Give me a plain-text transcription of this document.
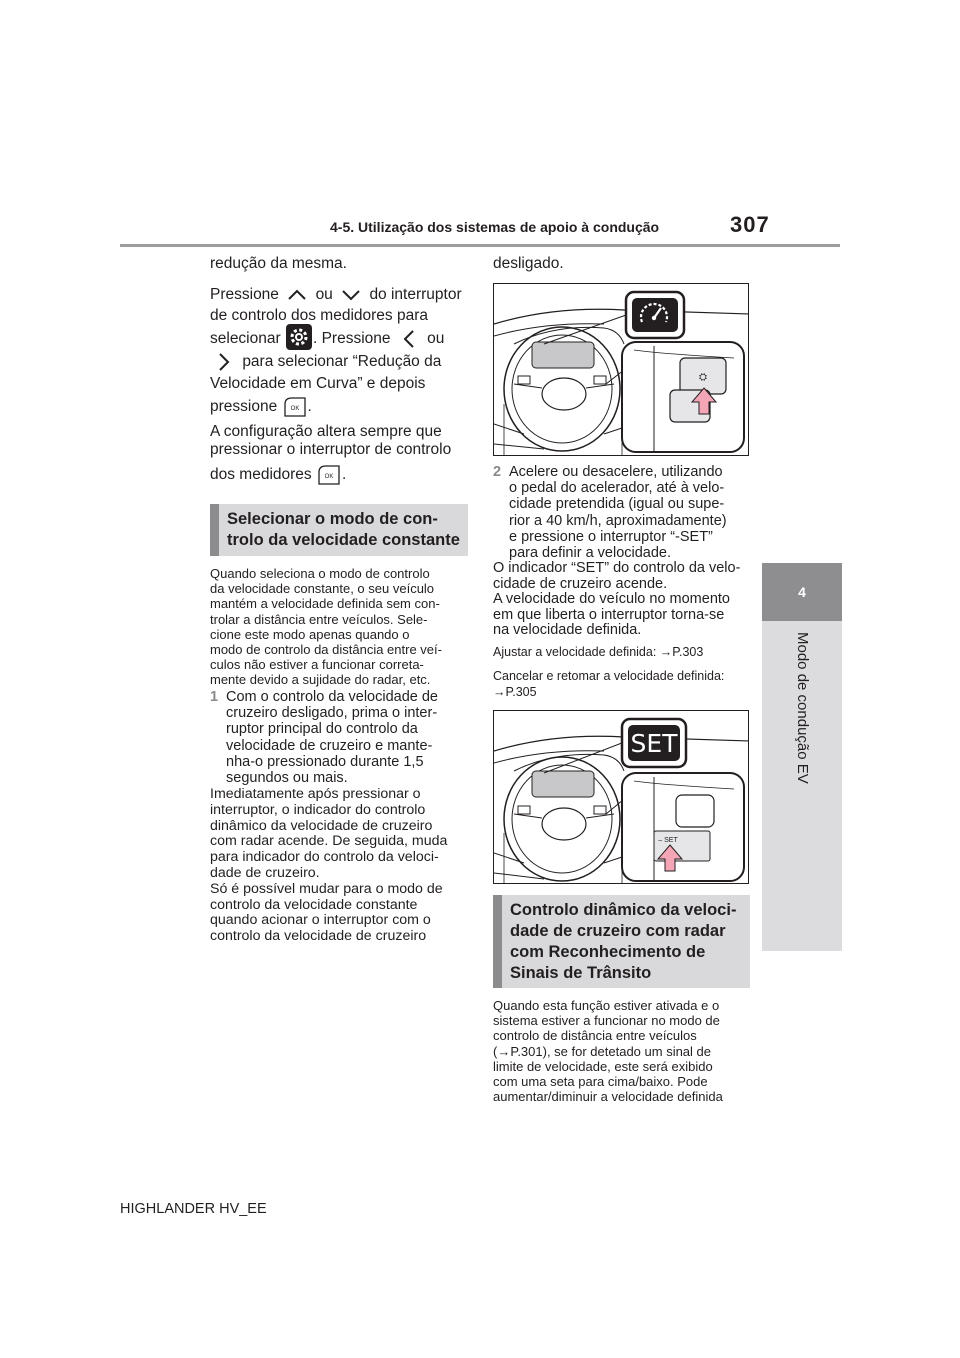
4-5. Utilização dos sistemas de apoio à condução	307
4
Modo de condução EV
redução da mesma.
Pressione ou do interruptor
de controlo dos medidores para
selecionar . Pressione ou
para selecionar “Redução da
Velocidade em Curva” e depois
pressione OK .
A configuração altera sempre que
pressionar o interruptor de controlo
dos medidores OK .
Selecionar o modo de con-
trolo da velocidade constante
Quando seleciona o modo de controlo
da velocidade constante, o seu veículo
mantém a velocidade definida sem con-
trolar a distância entre veículos. Sele-
cione este modo apenas quando o
modo de controlo da distância entre veí-
culos não estiver a funcionar correta-
mente devido a sujidade do radar, etc.
1 Com o controlo da velocidade de
cruzeiro desligado, prima o inter-
ruptor principal do controlo da
velocidade de cruzeiro e mante-
nha-o pressionado durante 1,5
segundos ou mais.
Imediatamente após pressionar o
interruptor, o indicador do controlo
dinâmico da velocidade de cruzeiro
com radar acende. De seguida, muda
para indicador do controlo da veloci-
dade de cruzeiro.
Só é possível mudar para o modo de
controlo da velocidade constante
quando acionar o interruptor com o
controlo da velocidade de cruzeiro
desligado.
⛭
2 Acelere ou desacelere, utilizando
o pedal do acelerador, até à velo-
cidade pretendida (igual ou supe-
rior a 40 km/h, aproximadamente)
e pressione o interruptor “-SET”
para definir a velocidade.
O indicador “SET” do controlo da velo-
cidade de cruzeiro acende.
A velocidade do veículo no momento
em que liberta o interruptor torna-se
na velocidade definida.
Ajustar a velocidade definida: →P.303
Cancelar e retomar a velocidade definida:
→P.305
SET
– SET
Controlo dinâmico da veloci-
dade de cruzeiro com radar
com Reconhecimento de
Sinais de Trânsito
Quando esta função estiver ativada e o
sistema estiver a funcionar no modo de
controlo de distância entre veículos
(→P.301), se for detetado um sinal de
limite de velocidade, este será exibido
com uma seta para cima/baixo. Pode
aumentar/diminuir a velocidade definida
HIGHLANDER HV_EE
